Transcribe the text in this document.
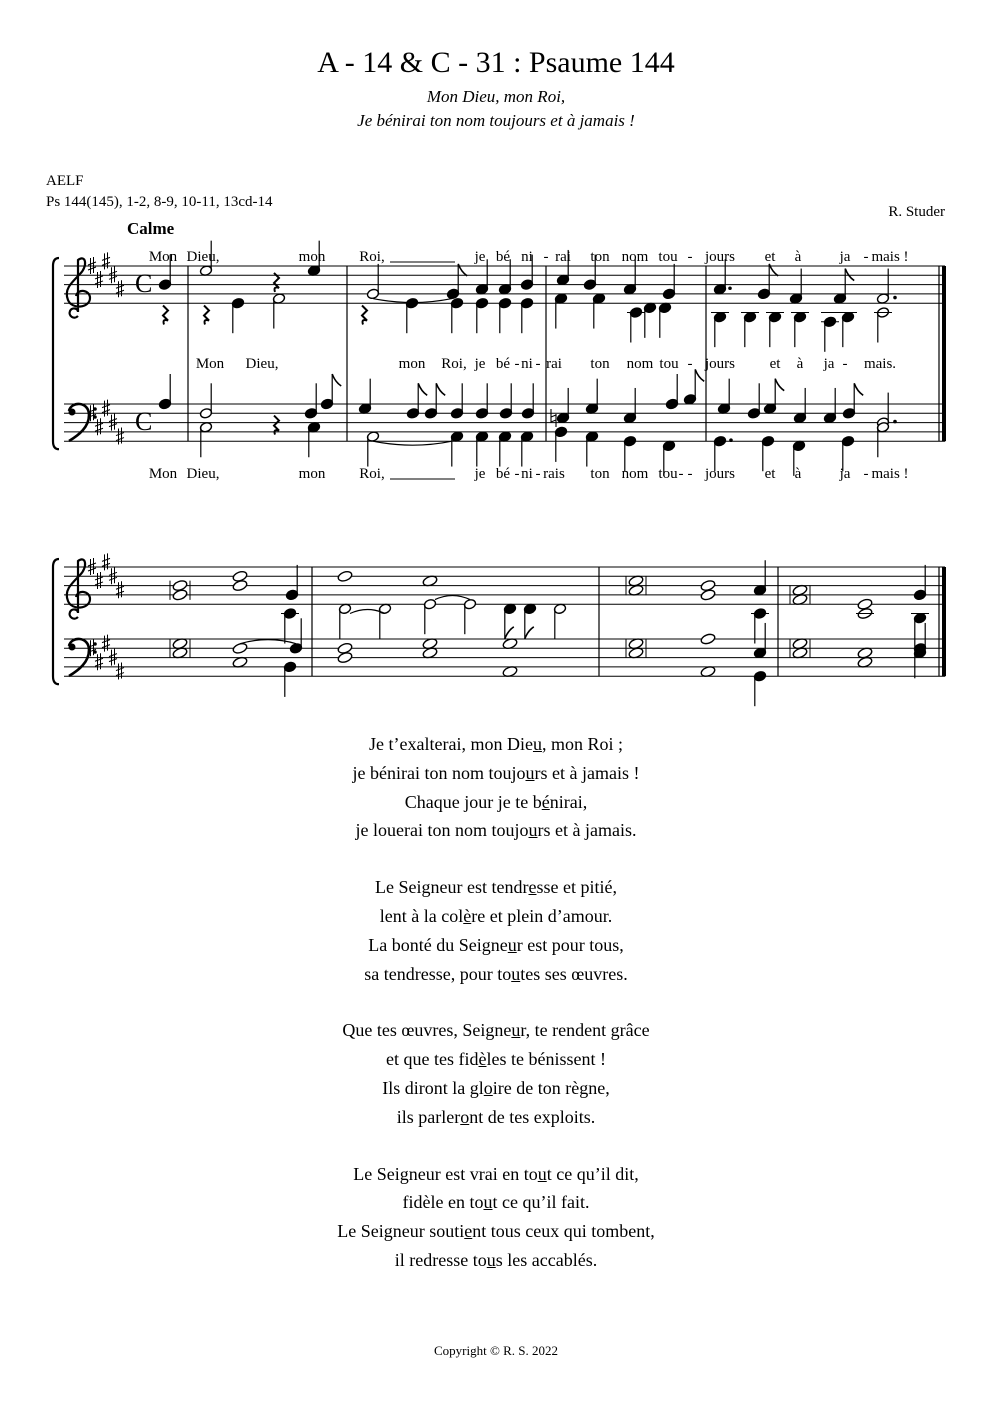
A - 14 & C - 31 : Psaume 144
Mon Dieu, mon Roi,
Je bénirai ton nom toujours et à jamais !
AELF
Ps 144(145), 1-2, 8-9, 10-11, 13cd-14
R. Studer
Calme
C
C
Mon Dieu,	mon Roi,	je bé ni - rai ton nom tou - jours et à	ja - mais !
Mon Dieu,	mon Roi, je bé - ni - rai ton nom tou - jours et à ja - mais.
Mon Dieu,	mon Roi,	je bé - ni - rais ton nom tou - - jours et à	ja - mais !
Je t’exalterai, mon Dieu, mon Roi ;
je bénirai ton nom toujours et à jamais !
Chaque jour je te bénirai,
je louerai ton nom toujours et à jamais.
Le Seigneur est tendresse et pitié,
lent à la colère et plein d’amour.
La bonté du Seigneur est pour tous,
sa tendresse, pour toutes ses œuvres.
Que tes œuvres, Seigneur, te rendent grâce
et que tes fidèles te bénissent !
Ils diront la gloire de ton règne,
ils parleront de tes exploits.
Le Seigneur est vrai en tout ce qu’il dit,
fidèle en tout ce qu’il fait.
Le Seigneur soutient tous ceux qui tombent,
il redresse tous les accablés.
Copyright © R. S. 2022
